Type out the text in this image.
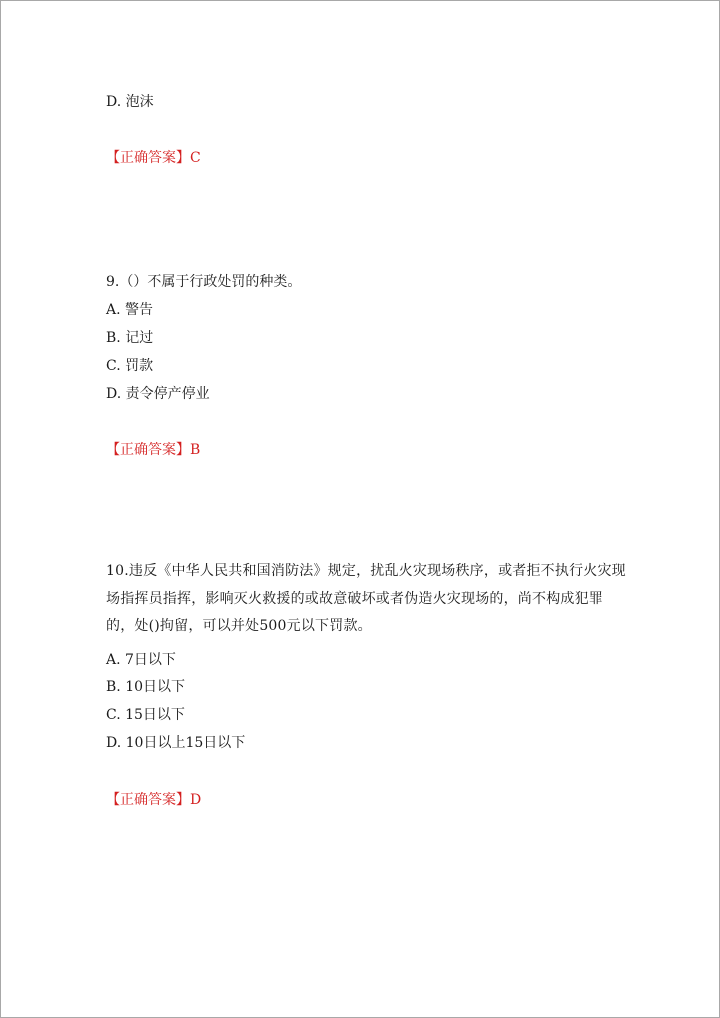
D. 泡沫
【正确答案】C
9.（）不属于行政处罚的种类。
A. 警告
B. 记过
C. 罚款
D. 责令停产停业
【正确答案】B
10.违反《中华人民共和国消防法》规定，扰乱火灾现场秩序，或者拒不执行火灾现场指挥员指挥，影响灭火救援的或故意破坏或者伪造火灾现场的，尚不构成犯罪的，处()拘留，可以并处500元以下罚款。
A. 7日以下
B. 10日以下
C. 15日以下
D. 10日以上15日以下
【正确答案】D
